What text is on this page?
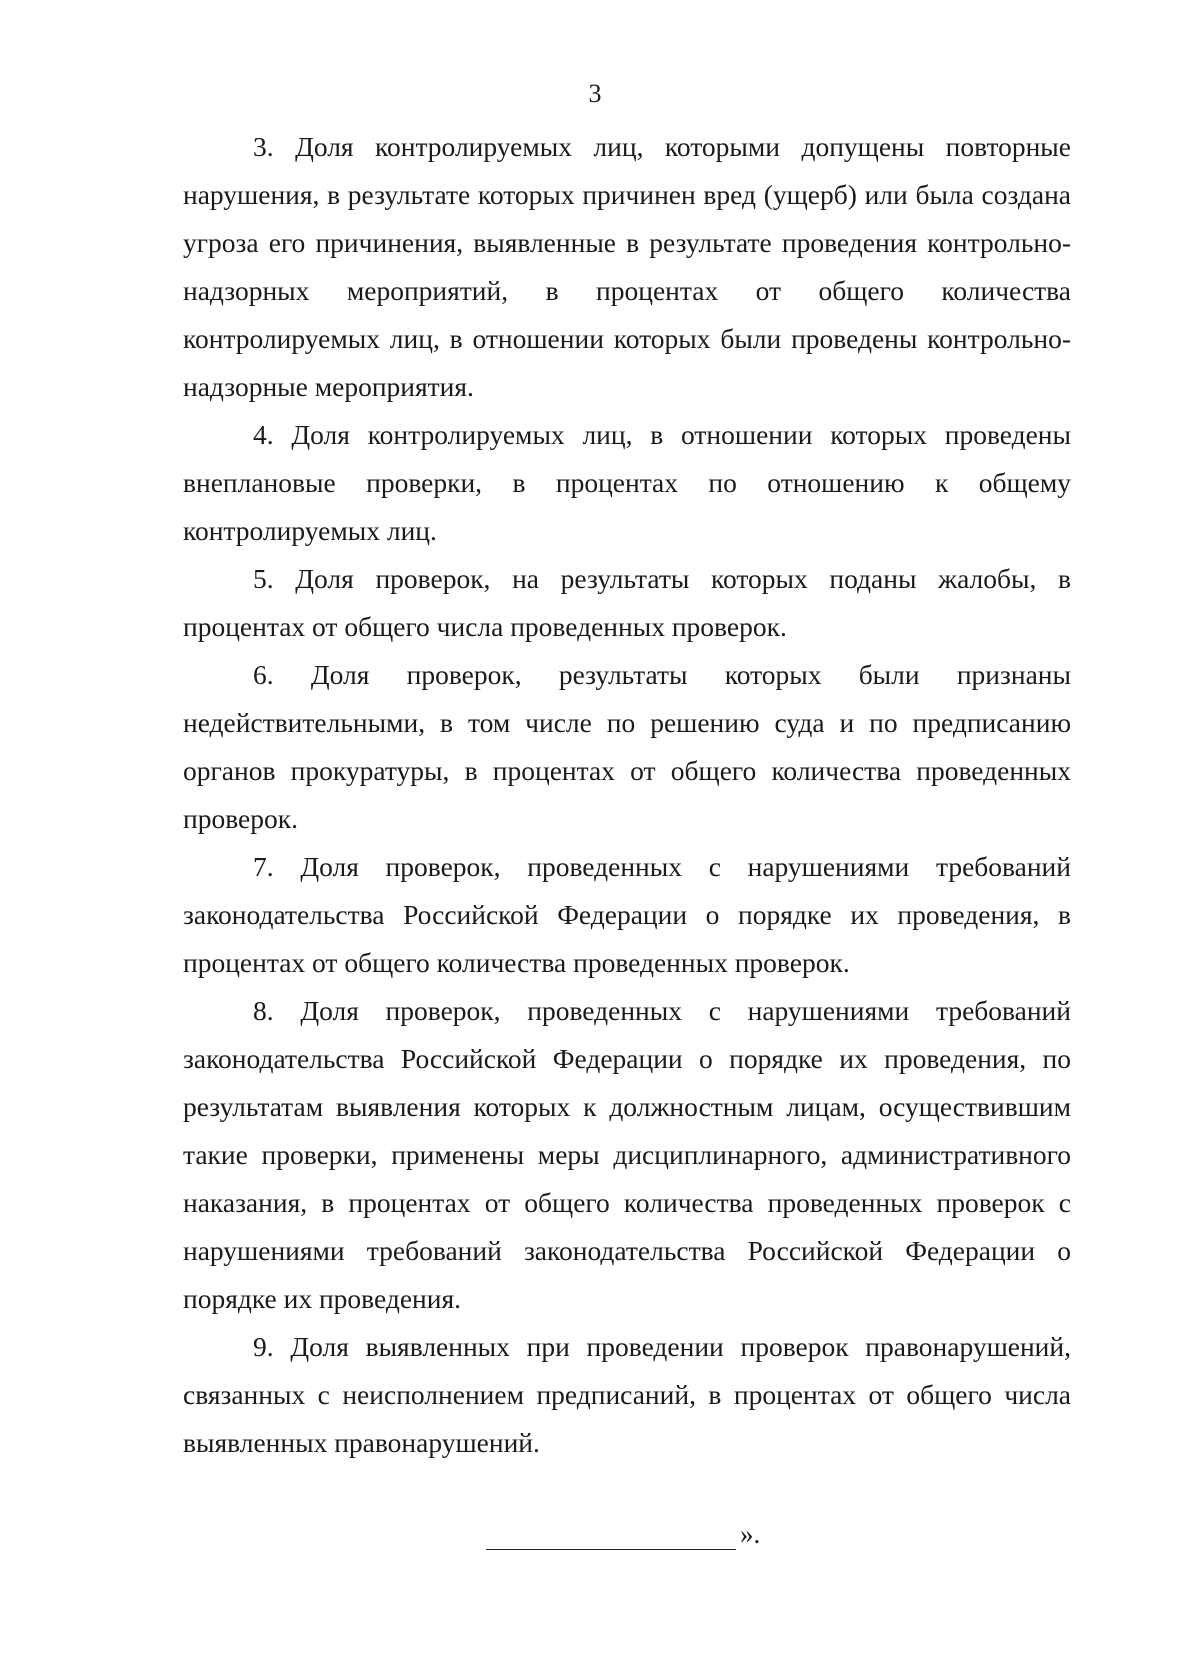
3

3. Доля контролируемых лиц, которыми допущены повторные нарушения, в результате которых причинен вред (ущерб) или была создана угроза его причинения, выявленные в результате проведения контрольно-надзорных мероприятий, в процентах от общего количества контролируемых лиц, в отношении которых были проведены контрольно-надзорные мероприятия.

4. Доля контролируемых лиц, в отношении которых проведены внеплановые проверки, в процентах по отношению к общему контролируемых лиц.

5. Доля проверок, на результаты которых поданы жалобы, в процентах от общего числа проведенных проверок.

6. Доля проверок, результаты которых были признаны недействительными, в том числе по решению суда и по предписанию органов прокуратуры, в процентах от общего количества проведенных проверок.

7. Доля проверок, проведенных с нарушениями требований законодательства Российской Федерации о порядке их проведения, в процентах от общего количества проведенных проверок.

8. Доля проверок, проведенных с нарушениями требований законодательства Российской Федерации о порядке их проведения, по результатам выявления которых к должностным лицам, осуществившим такие проверки, применены меры дисциплинарного, административного наказания, в процентах от общего количества проведенных проверок с нарушениями требований законодательства Российской Федерации о порядке их проведения.

9. Доля выявленных при проведении проверок правонарушений, связанных с неисполнением предписаний, в процентах от общего числа выявленных правонарушений.

».
